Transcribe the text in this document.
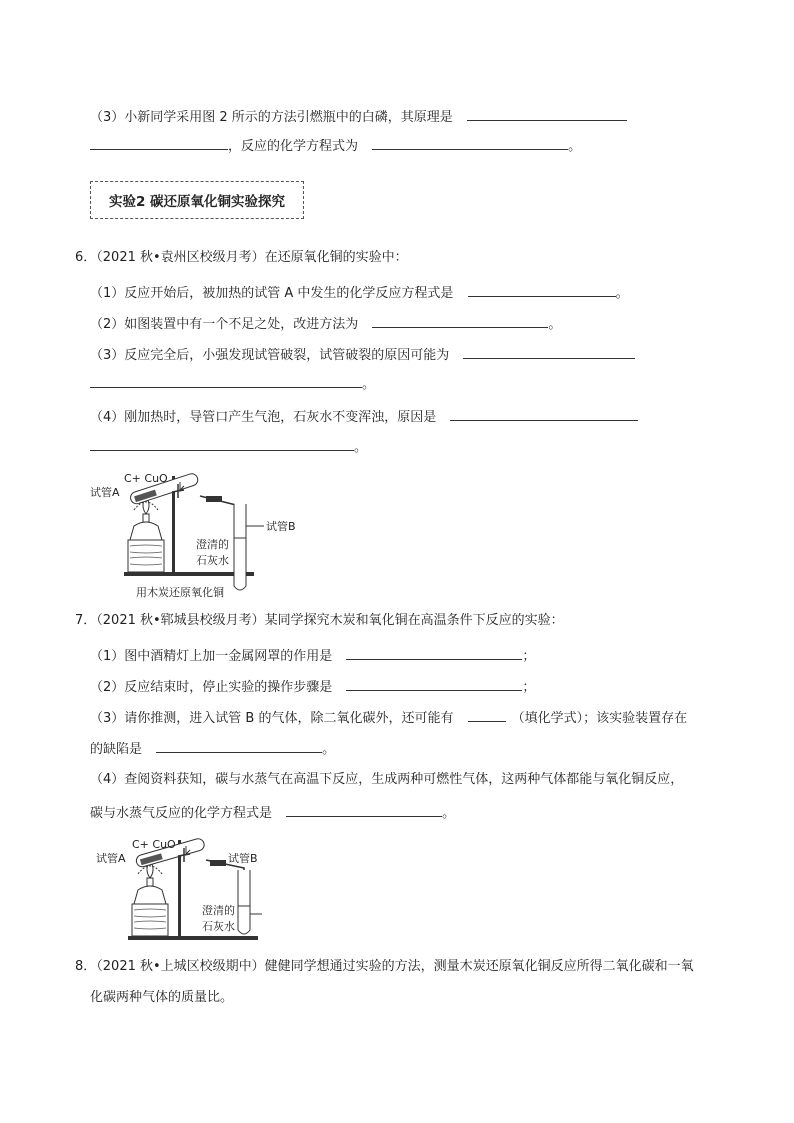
（3）小新同学采用图 2 所示的方法引燃瓶中的白磷，其原理是
，反应的化学方程式为	。
实验2 碳还原氧化铜实验探究
6．（2021 秋•袁州区校级月考）在还原氧化铜的实验中：
（1）反应开始后，被加热的试管 A 中发生的化学反应方程式是	。
（2）如图装置中有一个不足之处，改进方法为	。
（3）反应完全后，小强发现试管破裂，试管破裂的原因可能为
。
（4）刚加热时，导管口产生气泡，石灰水不变浑浊，原因是
。
C+ CuO
试管A
试管B
澄清的
石灰水
用木炭还原氧化铜
7．（2021 秋•郓城县校级月考）某同学探究木炭和氧化铜在高温条件下反应的实验：
（1）图中酒精灯上加一金属网罩的作用是	；
（2）反应结束时，停止实验的操作步骤是	；
（3）请你推测，进入试管 B 的气体，除二氧化碳外，还可能有	（填化学式）；该实验装置存在
的缺陷是	。
（4）查阅资料获知，碳与水蒸气在高温下反应，生成两种可燃性气体，这两种气体都能与氧化铜反应，
碳与水蒸气反应的化学方程式是	。
C+ CuO
试管A	试管B
澄清的
石灰水
8．（2021 秋•上城区校级期中）健健同学想通过实验的方法，测量木炭还原氧化铜反应所得二氧化碳和一氧
化碳两种气体的质量比。
